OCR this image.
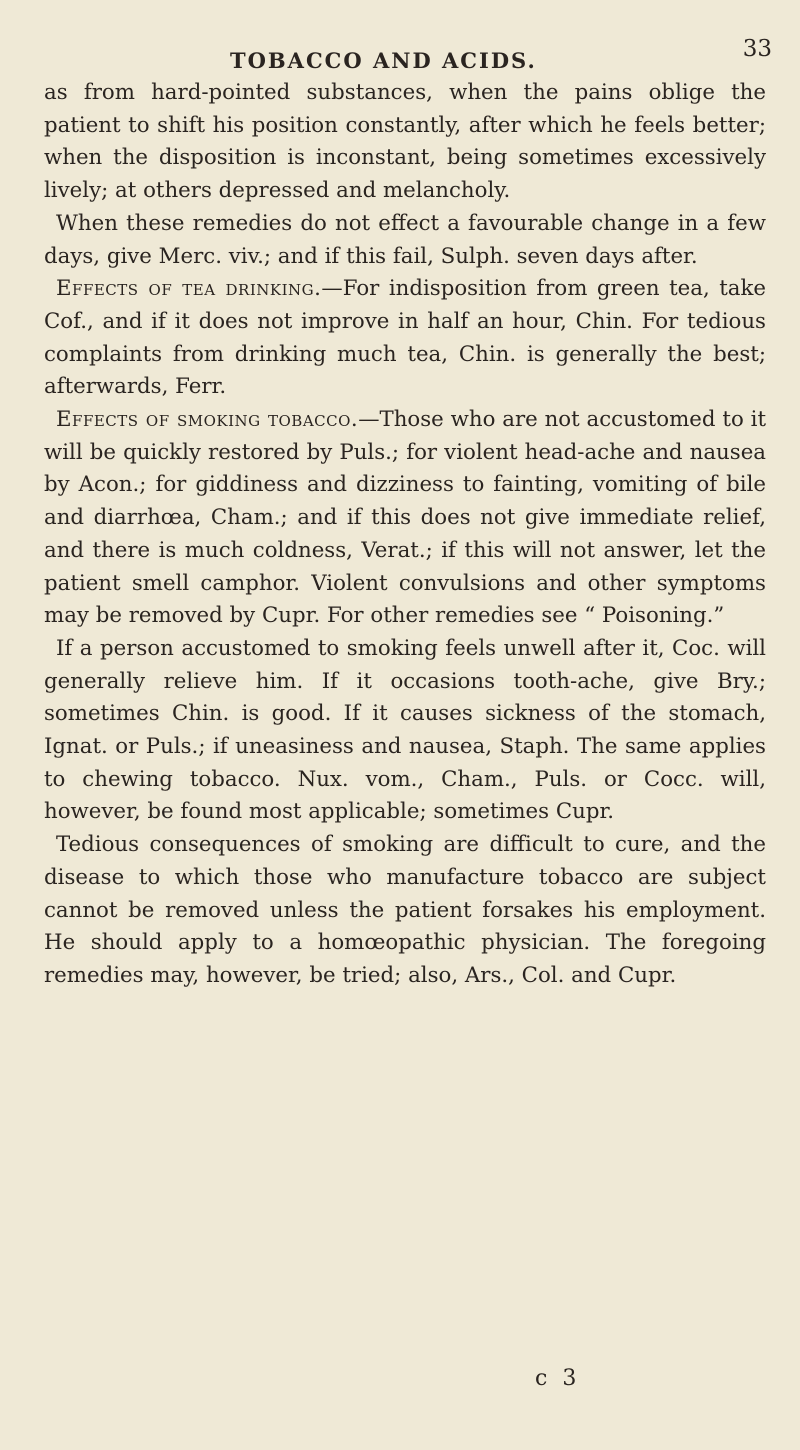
TOBACCO AND ACIDS.	33

as from hard-pointed substances, when the pains oblige the patient to shift his position constantly, after which he feels better; when the disposition is inconstant, being sometimes excessively lively; at others depressed and melancholy.

When these remedies do not effect a favourable change in a few days, give Merc. viv.; and if this fail, Sulph. seven days after.

Effects of tea drinking.—For indisposition from green tea, take Cof., and if it does not improve in half an hour, Chin. For tedious complaints from drinking much tea, Chin. is generally the best; afterwards, Ferr.

Effects of smoking tobacco.—Those who are not accustomed to it will be quickly restored by Puls.; for violent head-ache and nausea by Acon.; for giddiness and dizziness to fainting, vomiting of bile and diarrhœa, Cham.; and if this does not give immediate relief, and there is much coldness, Verat.; if this will not answer, let the patient smell camphor. Violent convulsions and other symptoms may be removed by Cupr. For other remedies see “ Poisoning.”

If a person accustomed to smoking feels unwell after it, Coc. will generally relieve him. If it occasions tooth-ache, give Bry.; sometimes Chin. is good. If it causes sickness of the stomach, Ignat. or Puls.; if uneasiness and nausea, Staph. The same applies to chewing tobacco. Nux. vom., Cham., Puls. or Cocc. will, however, be found most applicable; sometimes Cupr.

Tedious consequences of smoking are difficult to cure, and the disease to which those who manufacture tobacco are subject cannot be removed unless the patient forsakes his employment. He should apply to a homœopathic physician. The foregoing remedies may, however, be tried; also, Ars., Col. and Cupr.

c 3
